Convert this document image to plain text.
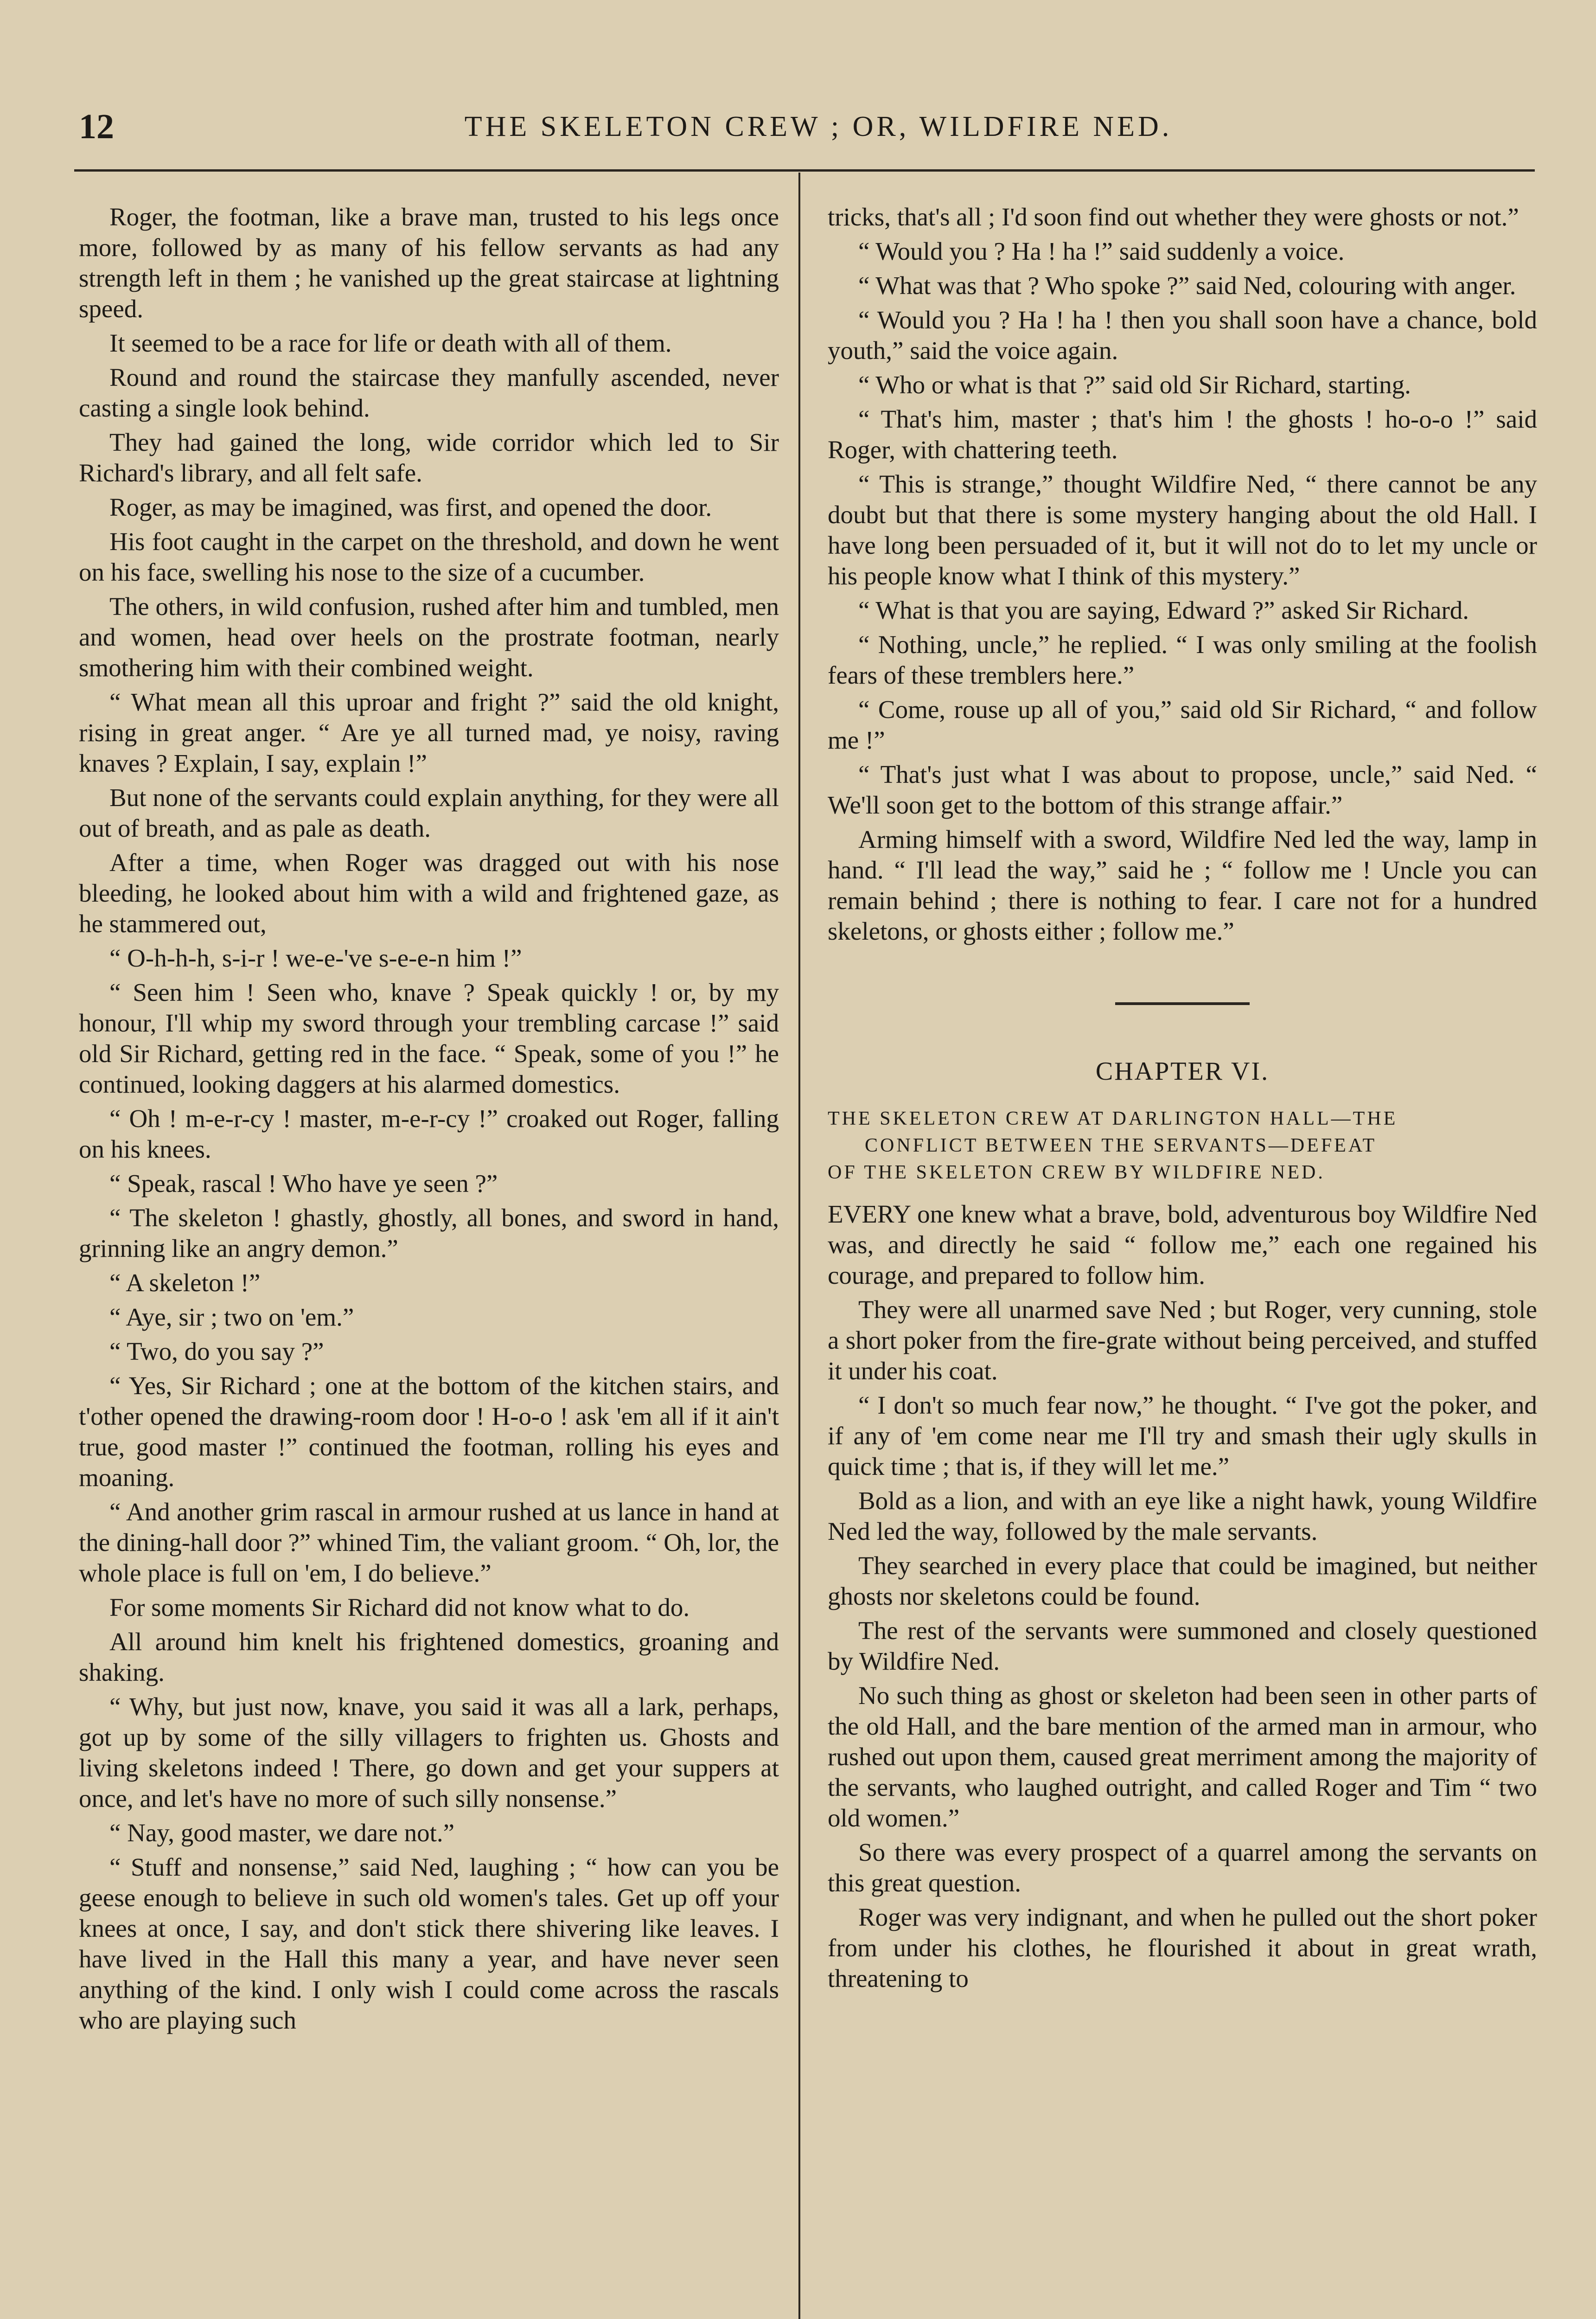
12	THE SKELETON CREW ; OR, WILDFIRE NED.

Roger, the footman, like a brave man, trusted to his legs once more, followed by as many of his fellow servants as had any strength left in them ; he vanished up the great staircase at lightning speed.

It seemed to be a race for life or death with all of them.

Round and round the staircase they manfully ascended, never casting a single look behind.

They had gained the long, wide corridor which led to Sir Richard's library, and all felt safe.

Roger, as may be imagined, was first, and opened the door.

His foot caught in the carpet on the threshold, and down he went on his face, swelling his nose to the size of a cucumber.

The others, in wild confusion, rushed after him and tumbled, men and women, head over heels on the prostrate footman, nearly smothering him with their combined weight.

“ What mean all this uproar and fright ?” said the old knight, rising in great anger. “ Are ye all turned mad, ye noisy, raving knaves ? Explain, I say, explain !”

But none of the servants could explain anything, for they were all out of breath, and as pale as death.

After a time, when Roger was dragged out with his nose bleeding, he looked about him with a wild and frightened gaze, as he stammered out,

“ O-h-h-h, s-i-r ! we-e-'ve s-e-e-n him !”

“ Seen him ! Seen who, knave ? Speak quickly ! or, by my honour, I'll whip my sword through your trembling carcase !” said old Sir Richard, getting red in the face. “ Speak, some of you !” he continued, looking daggers at his alarmed domestics.

“ Oh ! m-e-r-cy ! master, m-e-r-cy !” croaked out Roger, falling on his knees.

“ Speak, rascal ! Who have ye seen ?”

“ The skeleton ! ghastly, ghostly, all bones, and sword in hand, grinning like an angry demon.”

“ A skeleton !”

“ Aye, sir ; two on 'em.”

“ Two, do you say ?”

“ Yes, Sir Richard ; one at the bottom of the kitchen stairs, and t'other opened the drawing-room door ! H-o-o ! ask 'em all if it ain't true, good master !” continued the footman, rolling his eyes and moaning.

“ And another grim rascal in armour rushed at us lance in hand at the dining-hall door ?” whined Tim, the valiant groom. “ Oh, lor, the whole place is full on 'em, I do believe.”

For some moments Sir Richard did not know what to do.

All around him knelt his frightened domestics, groaning and shaking.

“ Why, but just now, knave, you said it was all a lark, perhaps, got up by some of the silly villagers to frighten us. Ghosts and living skeletons indeed ! There, go down and get your suppers at once, and let's have no more of such silly nonsense.”

“ Nay, good master, we dare not.”

“ Stuff and nonsense,” said Ned, laughing ; “ how can you be geese enough to believe in such old women's tales. Get up off your knees at once, I say, and don't stick there shivering like leaves. I have lived in the Hall this many a year, and have never seen anything of the kind. I only wish I could come across the rascals who are playing such

tricks, that's all ; I'd soon find out whether they were ghosts or not.”

“ Would you ? Ha ! ha !” said suddenly a voice.

“ What was that ? Who spoke ?” said Ned, colouring with anger.

“ Would you ? Ha ! ha ! then you shall soon have a chance, bold youth,” said the voice again.

“ Who or what is that ?” said old Sir Richard, starting.

“ That's him, master ; that's him ! the ghosts ! ho-o-o !” said Roger, with chattering teeth.

“ This is strange,” thought Wildfire Ned, “ there cannot be any doubt but that there is some mystery hanging about the old Hall. I have long been persuaded of it, but it will not do to let my uncle or his people know what I think of this mystery.”

“ What is that you are saying, Edward ?” asked Sir Richard.

“ Nothing, uncle,” he replied. “ I was only smiling at the foolish fears of these tremblers here.”

“ Come, rouse up all of you,” said old Sir Richard, “ and follow me !”

“ That's just what I was about to propose, uncle,” said Ned. “ We'll soon get to the bottom of this strange affair.”

Arming himself with a sword, Wildfire Ned led the way, lamp in hand. “ I'll lead the way,” said he ; “ follow me ! Uncle you can remain behind ; there is nothing to fear. I care not for a hundred skeletons, or ghosts either ; follow me.”

CHAPTER VI.

THE SKELETON CREW AT DARLINGTON HALL—THE
CONFLICT BETWEEN THE SERVANTS—DEFEAT
OF THE SKELETON CREW BY WILDFIRE NED.

EVERY one knew what a brave, bold, adventurous boy Wildfire Ned was, and directly he said “ follow me,” each one regained his courage, and prepared to follow him.

They were all unarmed save Ned ; but Roger, very cunning, stole a short poker from the fire-grate without being perceived, and stuffed it under his coat.

“ I don't so much fear now,” he thought. “ I've got the poker, and if any of 'em come near me I'll try and smash their ugly skulls in quick time ; that is, if they will let me.”

Bold as a lion, and with an eye like a night hawk, young Wildfire Ned led the way, followed by the male servants.

They searched in every place that could be imagined, but neither ghosts nor skeletons could be found.

The rest of the servants were summoned and closely questioned by Wildfire Ned.

No such thing as ghost or skeleton had been seen in other parts of the old Hall, and the bare mention of the armed man in armour, who rushed out upon them, caused great merriment among the majority of the servants, who laughed outright, and called Roger and Tim “ two old women.”

So there was every prospect of a quarrel among the servants on this great question.

Roger was very indignant, and when he pulled out the short poker from under his clothes, he flourished it about in great wrath, threatening to
